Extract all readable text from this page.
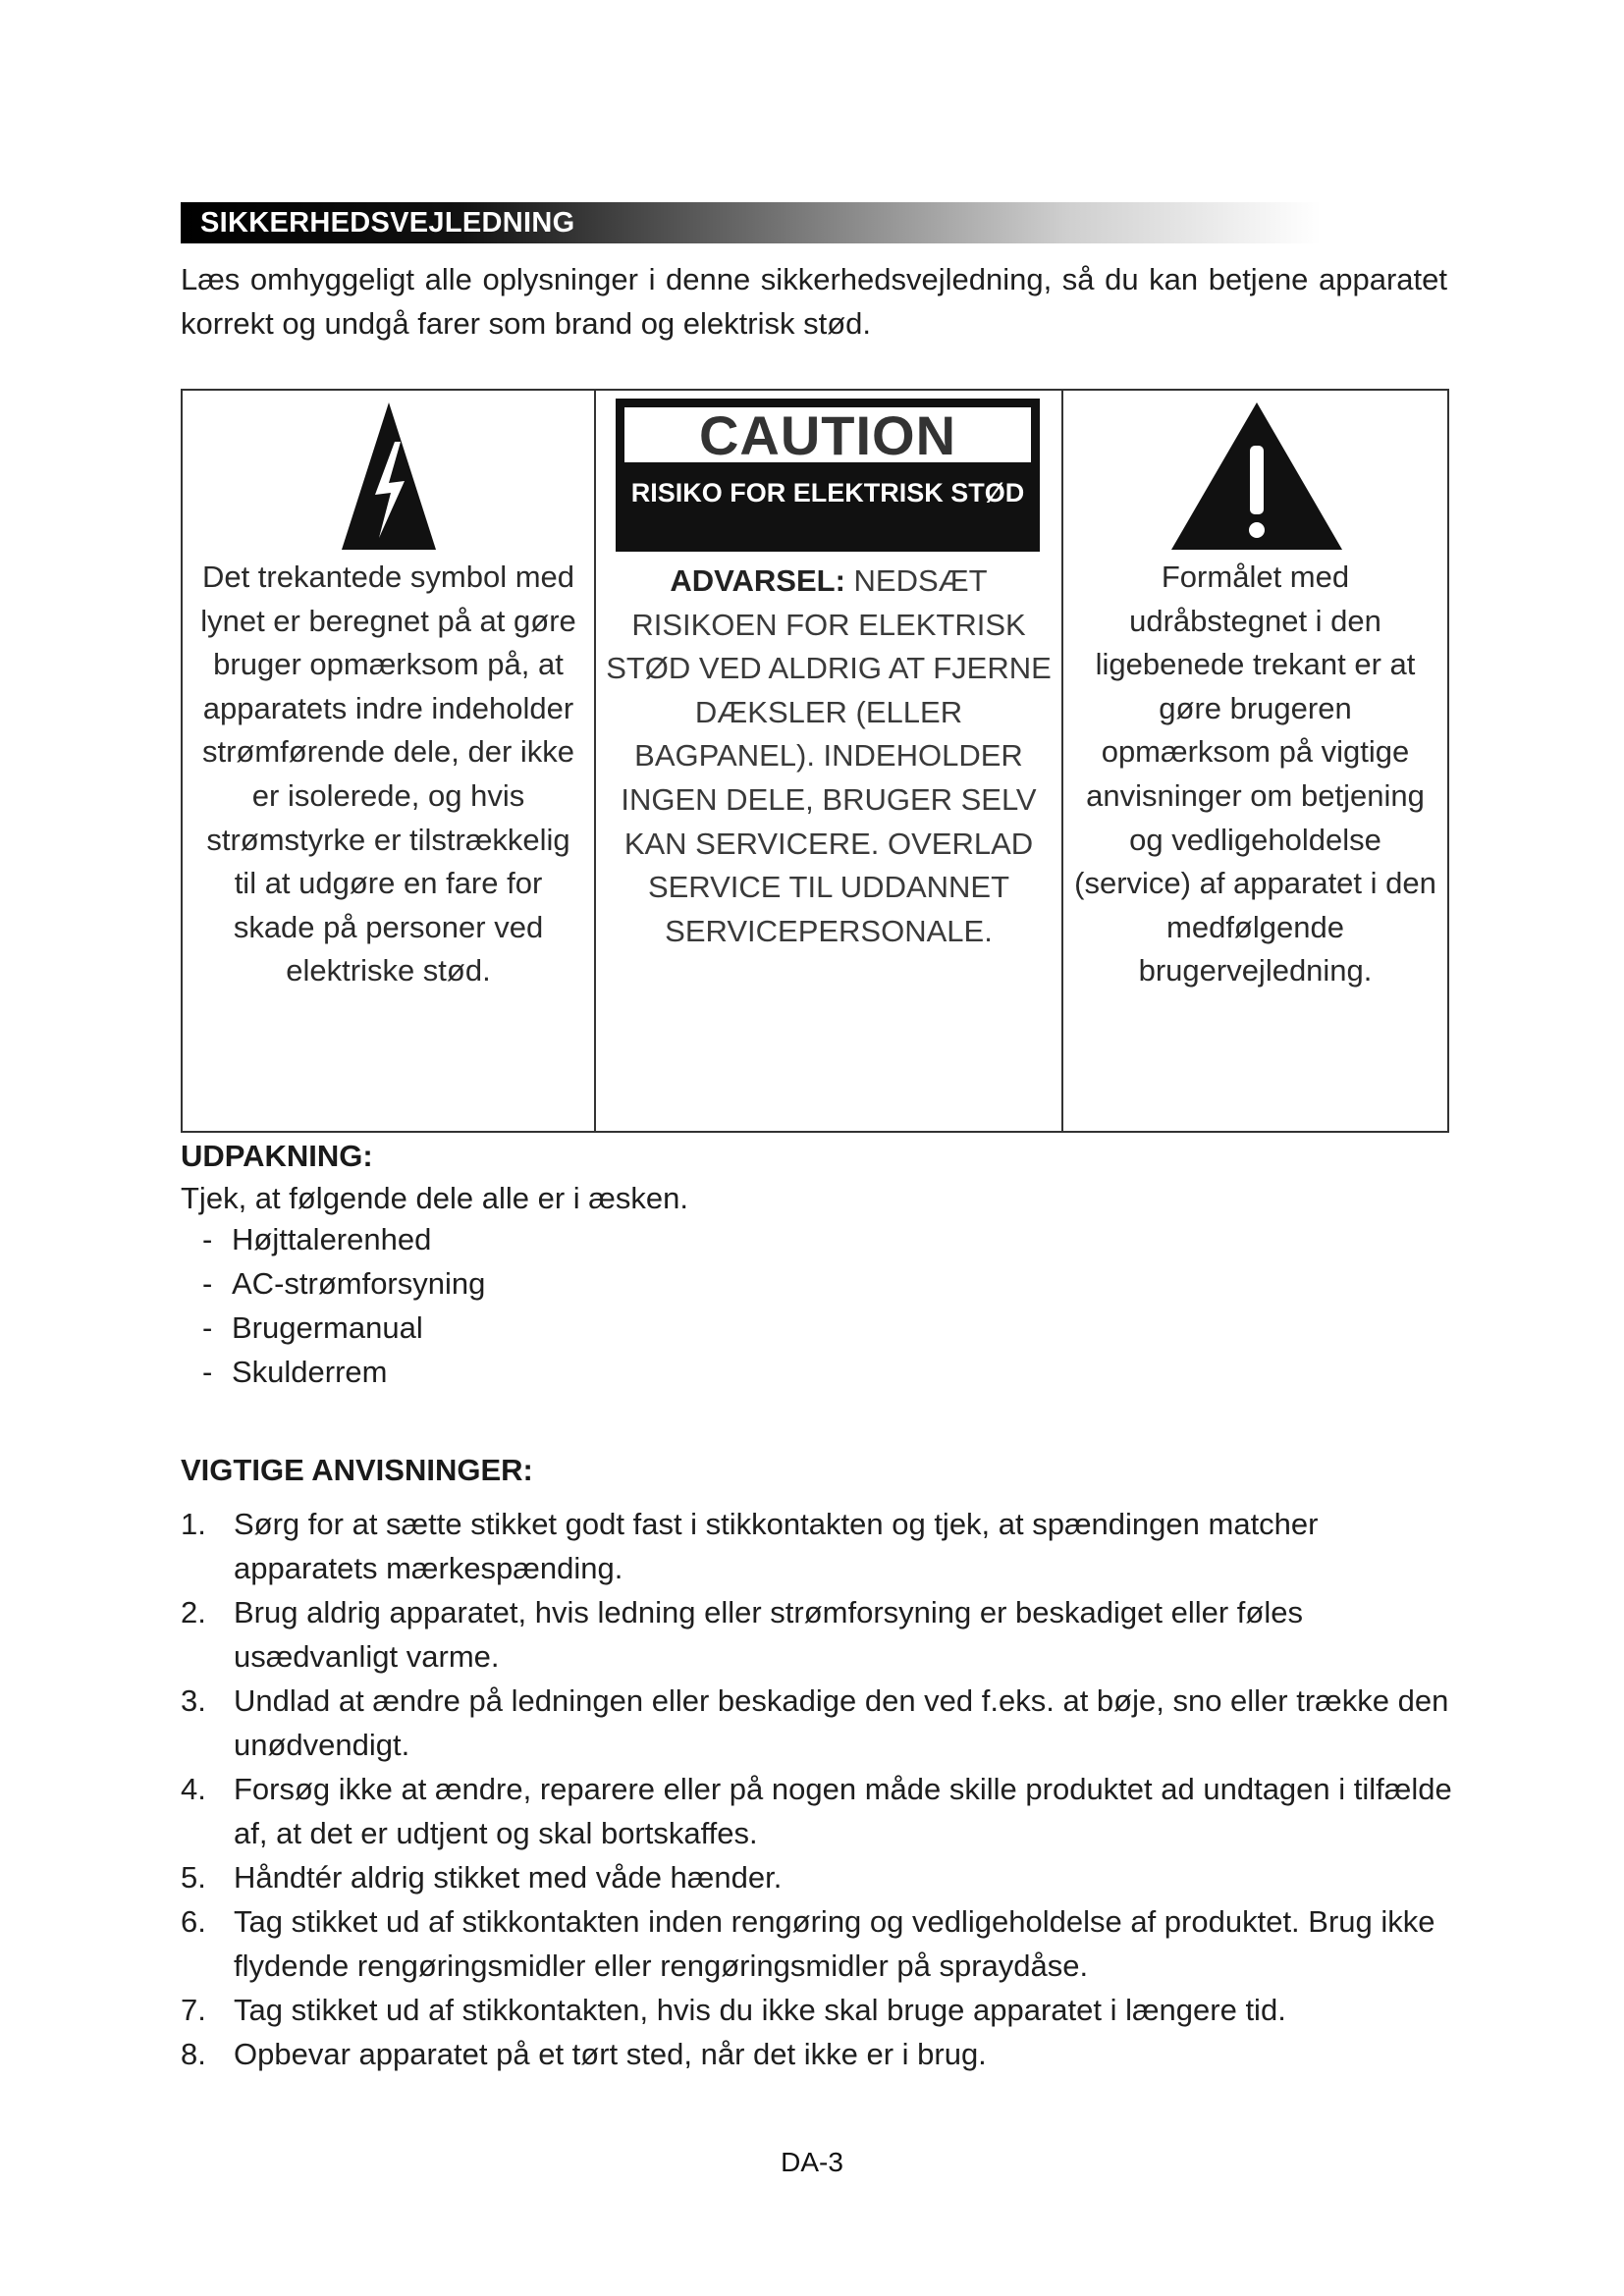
SIKKERHEDSVEJLEDNING
Læs omhyggeligt alle oplysninger i denne sikkerhedsvejledning, så du kan betjene apparatet korrekt og undgå farer som brand og elektrisk stød.
Det trekantede symbol med lynet er beregnet på at gøre bruger opmærksom på, at apparatets indre indeholder strømførende dele, der ikke er isolerede, og hvis strømstyrke er tilstrækkelig til at udgøre en fare for skade på personer ved elektriske stød.
CAUTION
RISIKO FOR ELEKTRISK STØD
ADVARSEL: NEDSÆT RISIKOEN FOR ELEKTRISK STØD VED ALDRIG AT FJERNE DÆKSLER (ELLER BAGPANEL). INDEHOLDER INGEN DELE, BRUGER SELV KAN SERVICERE. OVERLAD SERVICE TIL UDDANNET SERVICEPERSONALE.
Formålet med udråbstegnet i den ligebenede trekant er at gøre brugeren opmærksom på vigtige anvisninger om betjening og vedligeholdelse (service) af apparatet i den medfølgende brugervejledning.
UDPAKNING:
Tjek, at følgende dele alle er i æsken.
- Højttalerenhed
- AC-strømforsyning
- Brugermanual
- Skulderrem
VIGTIGE ANVISNINGER:
1. Sørg for at sætte stikket godt fast i stikkontakten og tjek, at spændingen matcher apparatets mærkespænding.
2. Brug aldrig apparatet, hvis ledning eller strømforsyning er beskadiget eller føles usædvanligt varme.
3. Undlad at ændre på ledningen eller beskadige den ved f.eks. at bøje, sno eller trække den unødvendigt.
4. Forsøg ikke at ændre, reparere eller på nogen måde skille produktet ad undtagen i tilfælde af, at det er udtjent og skal bortskaffes.
5. Håndtér aldrig stikket med våde hænder.
6. Tag stikket ud af stikkontakten inden rengøring og vedligeholdelse af produktet. Brug ikke flydende rengøringsmidler eller rengøringsmidler på spraydåse.
7. Tag stikket ud af stikkontakten, hvis du ikke skal bruge apparatet i længere tid.
8. Opbevar apparatet på et tørt sted, når det ikke er i brug.
DA-3
